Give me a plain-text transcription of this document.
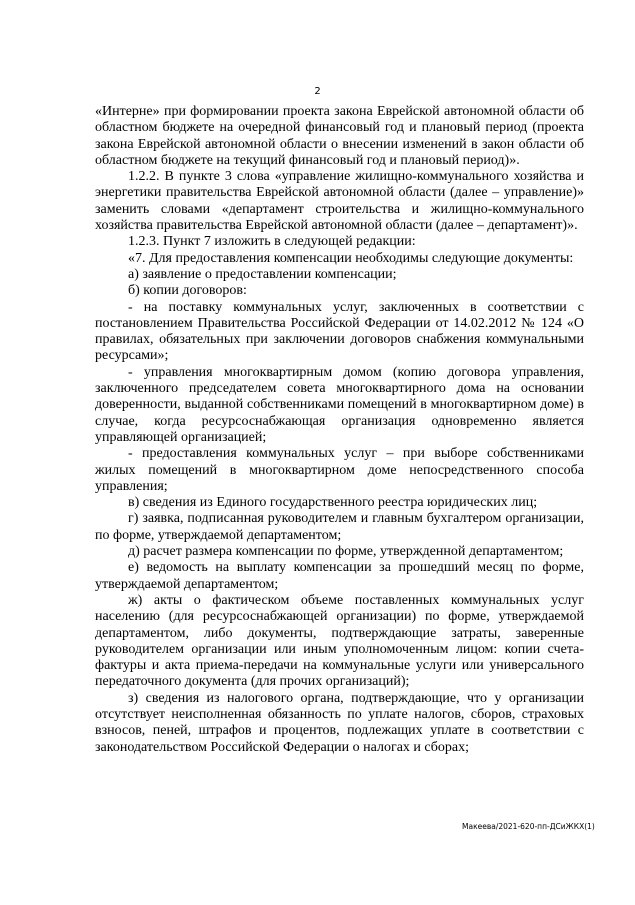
2

«Интерне» при формировании проекта закона Еврейской автономной области об областном бюджете на очередной финансовый год и плановый период (проекта закона Еврейской автономной области о внесении изменений в закон области об областном бюджете на текущий финансовый год и плановый период)».

1.2.2. В пункте 3 слова «управление жилищно-коммунального хозяйства и энергетики правительства Еврейской автономной области (далее – управление)» заменить словами «департамент строительства и жилищно-коммунального хозяйства правительства Еврейской автономной области (далее – департамент)».

1.2.3. Пункт 7 изложить в следующей редакции:

«7. Для предоставления компенсации необходимы следующие документы:

а) заявление о предоставлении компенсации;

б) копии договоров:

- на поставку коммунальных услуг, заключенных в соответствии с постановлением Правительства Российской Федерации от 14.02.2012 № 124 «О правилах, обязательных при заключении договоров снабжения коммунальными ресурсами»;

- управления многоквартирным домом (копию договора управления, заключенного председателем совета многоквартирного дома на основании доверенности, выданной собственниками помещений в многоквартирном доме) в случае, когда ресурсоснабжающая организация одновременно является управляющей организацией;

- предоставления коммунальных услуг – при выборе собственниками жилых помещений в многоквартирном доме непосредственного способа управления;

в) сведения из Единого государственного реестра юридических лиц;

г) заявка, подписанная руководителем и главным бухгалтером организации, по форме, утверждаемой департаментом;

д) расчет размера компенсации по форме, утвержденной департаментом;

е) ведомость на выплату компенсации за прошедший месяц по форме, утверждаемой департаментом;

ж) акты о фактическом объеме поставленных коммунальных услуг населению (для ресурсоснабжающей организации) по форме, утверждаемой департаментом, либо документы, подтверждающие затраты, заверенные руководителем организации или иным уполномоченным лицом: копии счета-фактуры и акта приема-передачи на коммунальные услуги или универсального передаточного документа (для прочих организаций);

з) сведения из налогового органа, подтверждающие, что у организации отсутствует неисполненная обязанность по уплате налогов, сборов, страховых взносов, пеней, штрафов и процентов, подлежащих уплате в соответствии с законодательством Российской Федерации о налогах и сборах;

Макеева/2021-620-пп-ДСиЖКХ(1)
